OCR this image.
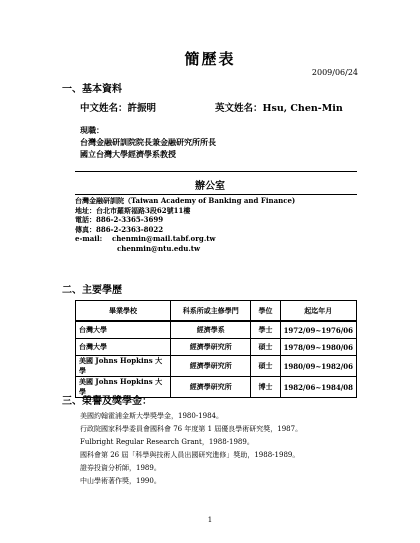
簡歷表
2009/06/24
一、基本資料
中文姓名：許振明	英文姓名：Hsu, Chen-Min
現職：
台灣金融研訓院院長兼金融研究所所長
國立台灣大學經濟學系教授
辦公室
台灣金融研訓院（Taiwan Academy of Banking and Finance)
地址：台北市羅斯福路3段62號11樓
電話：886-2-3365-3699
傳真：886-2-2363-8022
e-mail:    chenmin@mail.tabf.org.tw
chenmin@ntu.edu.tw
二、主要學歷
畢業學校	科系所或主修學門	學位	起迄年月
台灣大學	經濟學系	學士	1972/09~1976/06
台灣大學	經濟學研究所	碩士	1978/09~1980/06
美國 Johns Hopkins 大學	經濟學研究所	碩士	1980/09~1982/06
美國 Johns Hopkins 大學	經濟學研究所	博士	1982/06~1984/08
三、榮譽及獎學金：
美國約翰霍浦金斯大學獎學金，1980-1984。
行政院國家科學委員會國科會 76 年度第 1 屆優良學術研究獎，1987。
Fulbright Regular Research Grant，1988-1989。
國科會第 26 屆「科學與技術人員出國研究進修」獎助，1988-1989。
證券投資分析師，1989。
中山學術著作獎，1990。
1
